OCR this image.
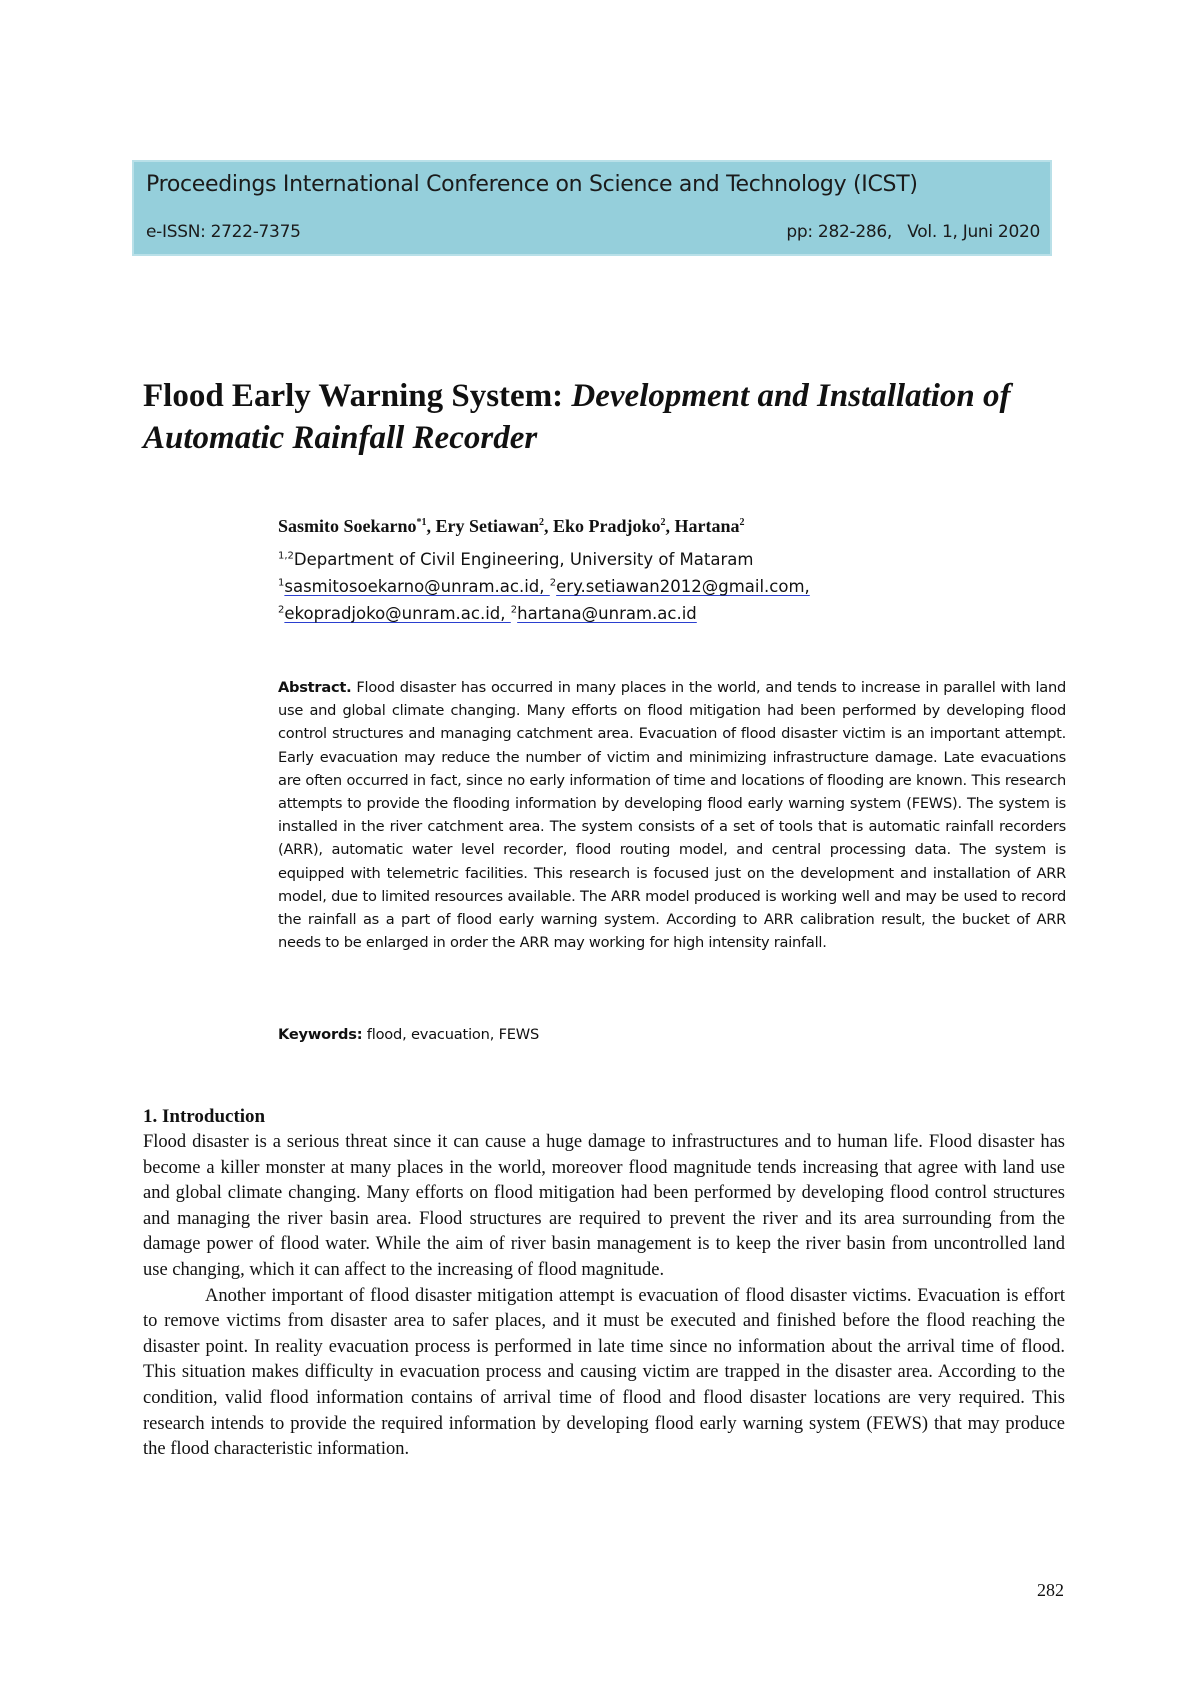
Proceedings International Conference on Science and Technology (ICST)
e-ISSN: 2722-7375	pp: 282-286,   Vol. 1, Juni 2020
Flood Early Warning System: Development and Installation of Automatic Rainfall Recorder
Sasmito Soekarno$^{*1}$, Ery Setiawan$^2$, Eko Pradjoko$^2$, Hartana$^2$
$^{1,2}$Department of Civil Engineering, University of Mataram
$^1$sasmitosoekarno@unram.ac.id, $^2$ery.setiawan2012@gmail.com,
$^2$ekopradjoko@unram.ac.id, $^2$hartana@unram.ac.id
Abstract. Flood disaster has occurred in many places in the world, and tends to increase in parallel with land use and global climate changing. Many efforts on flood mitigation had been performed by developing flood control structures and managing catchment area. Evacuation of flood disaster victim is an important attempt. Early evacuation may reduce the number of victim and minimizing infrastructure damage. Late evacuations are often occurred in fact, since no early information of time and locations of flooding are known. This research attempts to provide the flooding information by developing flood early warning system (FEWS). The system is installed in the river catchment area. The system consists of a set of tools that is automatic rainfall recorders (ARR), automatic water level recorder, flood routing model, and central processing data. The system is equipped with telemetric facilities. This research is focused just on the development and installation of ARR model, due to limited resources available. The ARR model produced is working well and may be used to record the rainfall as a part of flood early warning system. According to ARR calibration result, the bucket of ARR needs to be enlarged in order the ARR may working for high intensity rainfall.
Keywords: flood, evacuation, FEWS
1. Introduction

Flood disaster is a serious threat since it can cause a huge damage to infrastructures and to human life. Flood disaster has become a killer monster at many places in the world, moreover flood magnitude tends increasing that agree with land use and global climate changing. Many efforts on flood mitigation had been performed by developing flood control structures and managing the river basin area. Flood structures are required to prevent the river and its area surrounding from the damage power of flood water. While the aim of river basin management is to keep the river basin from uncontrolled land use changing, which it can affect to the increasing of flood magnitude.

Another important of flood disaster mitigation attempt is evacuation of flood disaster victims. Evacuation is effort to remove victims from disaster area to safer places, and it must be executed and finished before the flood reaching the disaster point. In reality evacuation process is performed in late time since no information about the arrival time of flood. This situation makes difficulty in evacuation process and causing victim are trapped in the disaster area. According to the condition, valid flood information contains of arrival time of flood and flood disaster locations are very required. This research intends to provide the required information by developing flood early warning system (FEWS) that may produce the flood characteristic information.

282
